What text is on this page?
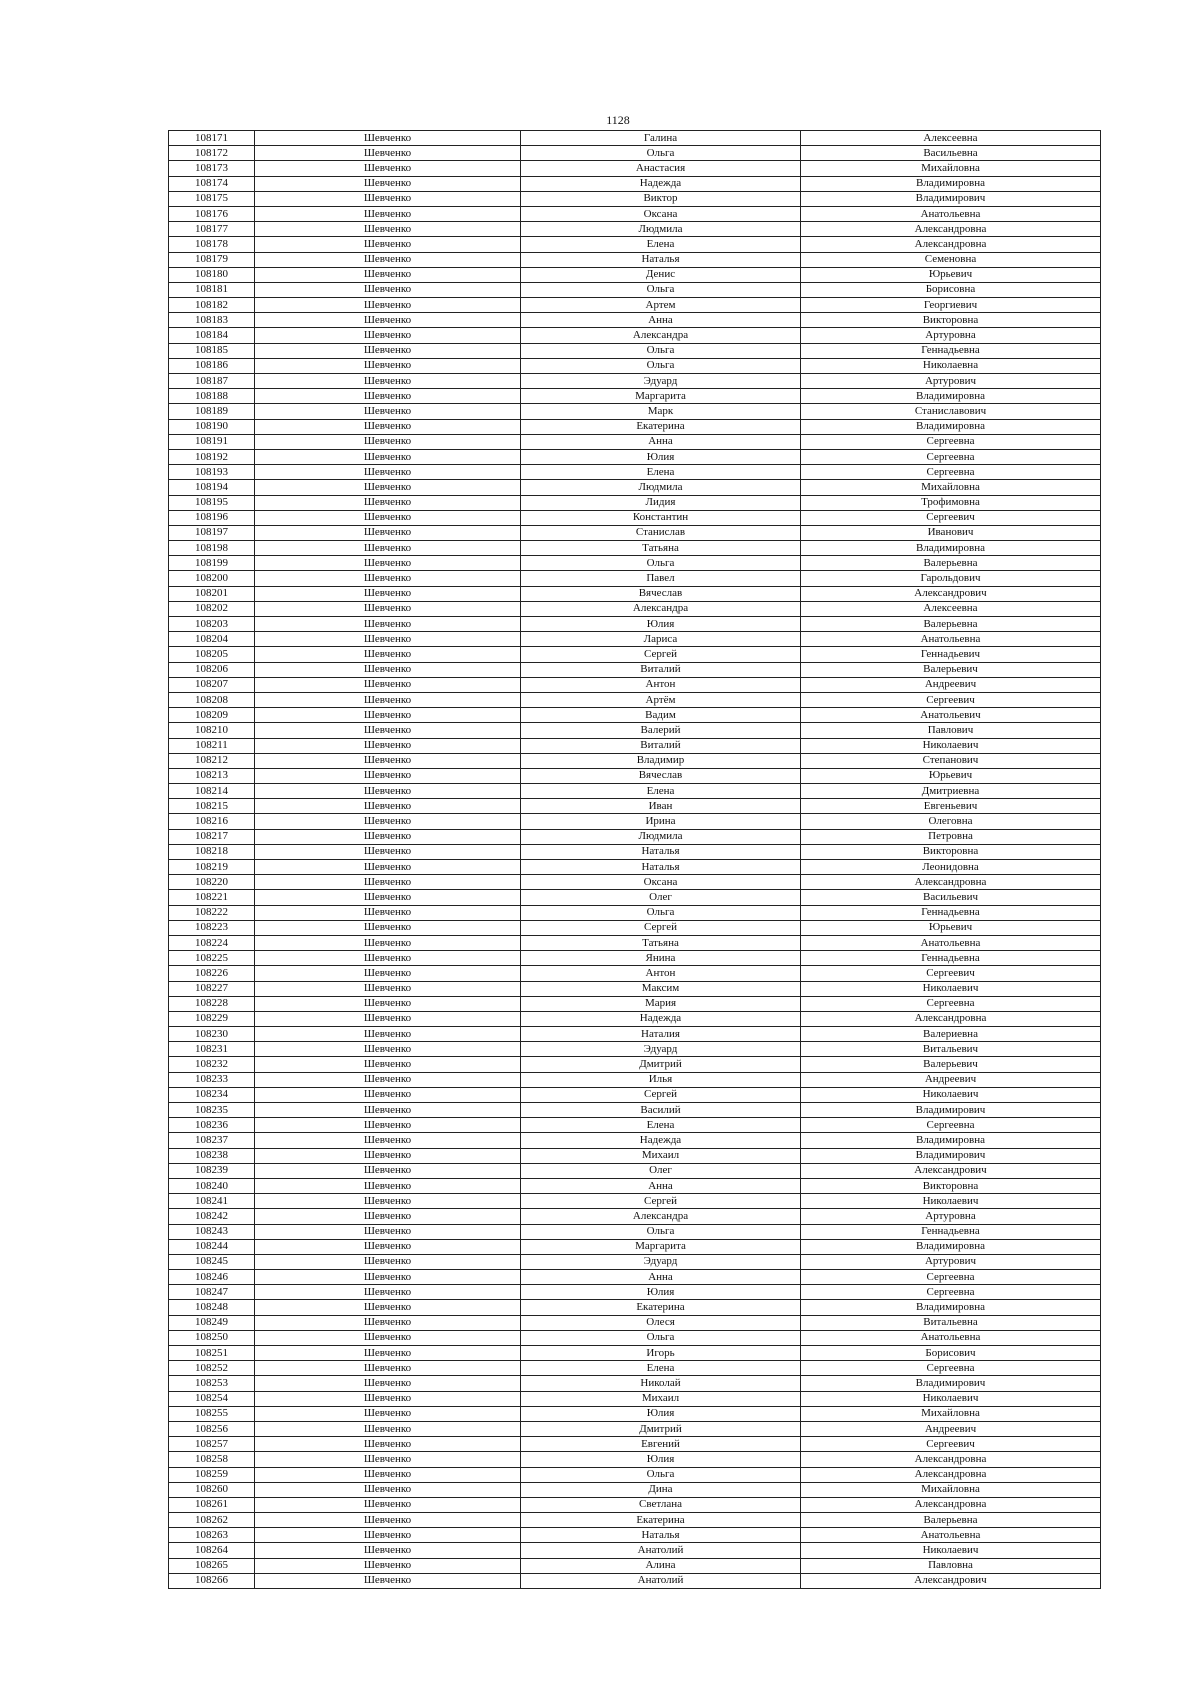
1128
108171	Шевченко	Галина	Алексеевна
108172	Шевченко	Ольга	Васильевна
108173	Шевченко	Анастасия	Михайловна
108174	Шевченко	Надежда	Владимировна
108175	Шевченко	Виктор	Владимирович
108176	Шевченко	Оксана	Анатольевна
108177	Шевченко	Людмила	Александровна
108178	Шевченко	Елена	Александровна
108179	Шевченко	Наталья	Семеновна
108180	Шевченко	Денис	Юрьевич
108181	Шевченко	Ольга	Борисовна
108182	Шевченко	Артем	Георгиевич
108183	Шевченко	Анна	Викторовна
108184	Шевченко	Александра	Артуровна
108185	Шевченко	Ольга	Геннадьевна
108186	Шевченко	Ольга	Николаевна
108187	Шевченко	Эдуард	Артурович
108188	Шевченко	Маргарита	Владимировна
108189	Шевченко	Марк	Станиславович
108190	Шевченко	Екатерина	Владимировна
108191	Шевченко	Анна	Сергеевна
108192	Шевченко	Юлия	Сергеевна
108193	Шевченко	Елена	Сергеевна
108194	Шевченко	Людмила	Михайловна
108195	Шевченко	Лидия	Трофимовна
108196	Шевченко	Константин	Сергеевич
108197	Шевченко	Станислав	Иванович
108198	Шевченко	Татьяна	Владимировна
108199	Шевченко	Ольга	Валерьевна
108200	Шевченко	Павел	Гарольдович
108201	Шевченко	Вячеслав	Александрович
108202	Шевченко	Александра	Алексеевна
108203	Шевченко	Юлия	Валерьевна
108204	Шевченко	Лариса	Анатольевна
108205	Шевченко	Сергей	Геннадьевич
108206	Шевченко	Виталий	Валерьевич
108207	Шевченко	Антон	Андреевич
108208	Шевченко	Артём	Сергеевич
108209	Шевченко	Вадим	Анатольевич
108210	Шевченко	Валерий	Павлович
108211	Шевченко	Виталий	Николаевич
108212	Шевченко	Владимир	Степанович
108213	Шевченко	Вячеслав	Юрьевич
108214	Шевченко	Елена	Дмитриевна
108215	Шевченко	Иван	Евгеньевич
108216	Шевченко	Ирина	Олеговна
108217	Шевченко	Людмила	Петровна
108218	Шевченко	Наталья	Викторовна
108219	Шевченко	Наталья	Леонидовна
108220	Шевченко	Оксана	Александровна
108221	Шевченко	Олег	Васильевич
108222	Шевченко	Ольга	Геннадьевна
108223	Шевченко	Сергей	Юрьевич
108224	Шевченко	Татьяна	Анатольевна
108225	Шевченко	Янина	Геннадьевна
108226	Шевченко	Антон	Сергеевич
108227	Шевченко	Максим	Николаевич
108228	Шевченко	Мария	Сергеевна
108229	Шевченко	Надежда	Александровна
108230	Шевченко	Наталия	Валериевна
108231	Шевченко	Эдуард	Витальевич
108232	Шевченко	Дмитрий	Валерьевич
108233	Шевченко	Илья	Андреевич
108234	Шевченко	Сергей	Николаевич
108235	Шевченко	Василий	Владимирович
108236	Шевченко	Елена	Сергеевна
108237	Шевченко	Надежда	Владимировна
108238	Шевченко	Михаил	Владимирович
108239	Шевченко	Олег	Александрович
108240	Шевченко	Анна	Викторовна
108241	Шевченко	Сергей	Николаевич
108242	Шевченко	Александра	Артуровна
108243	Шевченко	Ольга	Геннадьевна
108244	Шевченко	Маргарита	Владимировна
108245	Шевченко	Эдуард	Артурович
108246	Шевченко	Анна	Сергеевна
108247	Шевченко	Юлия	Сергеевна
108248	Шевченко	Екатерина	Владимировна
108249	Шевченко	Олеся	Витальевна
108250	Шевченко	Ольга	Анатольевна
108251	Шевченко	Игорь	Борисович
108252	Шевченко	Елена	Сергеевна
108253	Шевченко	Николай	Владимирович
108254	Шевченко	Михаил	Николаевич
108255	Шевченко	Юлия	Михайловна
108256	Шевченко	Дмитрий	Андреевич
108257	Шевченко	Евгений	Сергеевич
108258	Шевченко	Юлия	Александровна
108259	Шевченко	Ольга	Александровна
108260	Шевченко	Дина	Михайловна
108261	Шевченко	Светлана	Александровна
108262	Шевченко	Екатерина	Валерьевна
108263	Шевченко	Наталья	Анатольевна
108264	Шевченко	Анатолий	Николаевич
108265	Шевченко	Алина	Павловна
108266	Шевченко	Анатолий	Александрович
